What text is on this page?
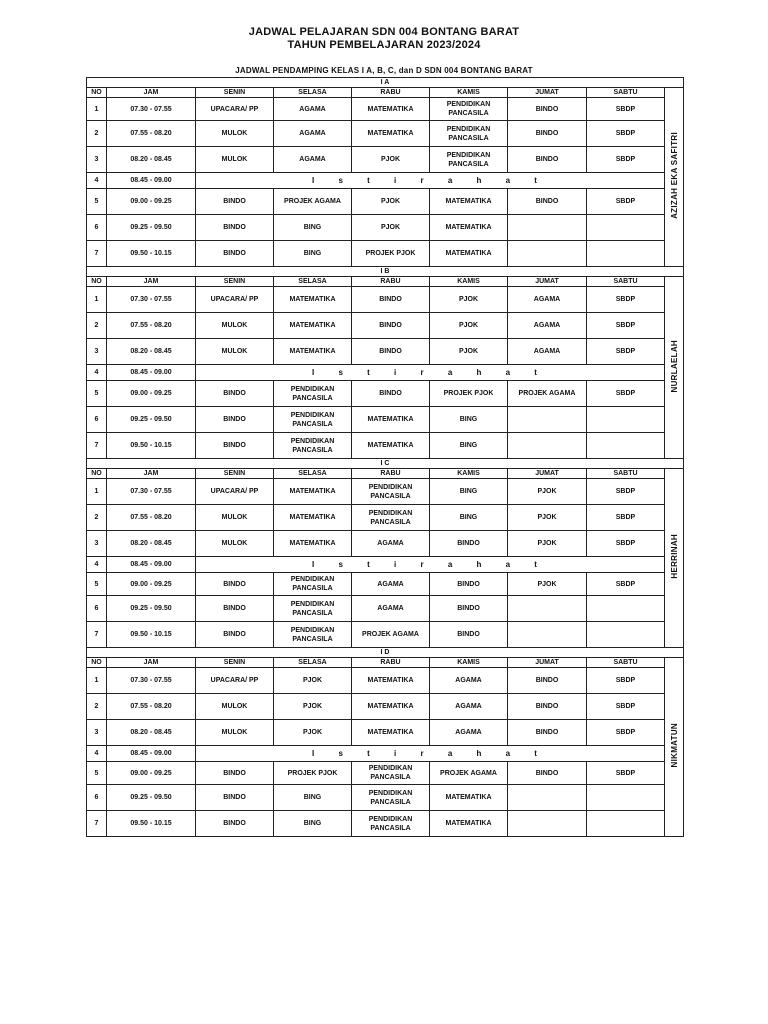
JADWAL PELAJARAN SDN 004 BONTANG BARAT
TAHUN PEMBELAJARAN 2023/2024
JADWAL PENDAMPING KELAS I A, B, C, dan D SDN 004 BONTANG BARAT
I A								
NO	JAM	SENIN	SELASA	RABU	KAMIS	JUMAT	SABTU	AZIZAH EKA SAFITRI
1	07.30 - 07.55	UPACARA/ PP	AGAMA	MATEMATIKA	PENDIDIKAN PANCASILA	BINDO	SBDP	
2	07.55 - 08.20	MULOK	AGAMA	MATEMATIKA	PENDIDIKAN PANCASILA	BINDO	SBDP	
3	08.20 - 08.45	MULOK	AGAMA	PJOK	PENDIDIKAN PANCASILA	BINDO	SBDP	
4	08.45 - 09.00	I s t i r a h a t						
5	09.00 - 09.25	BINDO	PROJEK AGAMA	PJOK	MATEMATIKA	BINDO	SBDP	
6	09.25 - 09.50	BINDO	BING	PJOK	MATEMATIKA			
7	09.50 - 10.15	BINDO	BING	PROJEK PJOK	MATEMATIKA			
I B								
NO	JAM	SENIN	SELASA	RABU	KAMIS	JUMAT	SABTU	NURLAELAH
1	07.30 - 07.55	UPACARA/ PP	MATEMATIKA	BINDO	PJOK	AGAMA	SBDP	
2	07.55 - 08.20	MULOK	MATEMATIKA	BINDO	PJOK	AGAMA	SBDP	
3	08.20 - 08.45	MULOK	MATEMATIKA	BINDO	PJOK	AGAMA	SBDP	
4	08.45 - 09.00	I s t i r a h a t						
5	09.00 - 09.25	BINDO	PENDIDIKAN PANCASILA	BINDO	PROJEK PJOK	PROJEK AGAMA	SBDP	
6	09.25 - 09.50	BINDO	PENDIDIKAN PANCASILA	MATEMATIKA	BING			
7	09.50 - 10.15	BINDO	PENDIDIKAN PANCASILA	MATEMATIKA	BING			
I C								
NO	JAM	SENIN	SELASA	RABU	KAMIS	JUMAT	SABTU	HERRINAH
1	07.30 - 07.55	UPACARA/ PP	MATEMATIKA	PENDIDIKAN PANCASILA	BING	PJOK	SBDP	
2	07.55 - 08.20	MULOK	MATEMATIKA	PENDIDIKAN PANCASILA	BING	PJOK	SBDP	
3	08.20 - 08.45	MULOK	MATEMATIKA	AGAMA	BINDO	PJOK	SBDP	
4	08.45 - 09.00	I s t i r a h a t						
5	09.00 - 09.25	BINDO	PENDIDIKAN PANCASILA	AGAMA	BINDO	PJOK	SBDP	
6	09.25 - 09.50	BINDO	PENDIDIKAN PANCASILA	AGAMA	BINDO			
7	09.50 - 10.15	BINDO	PENDIDIKAN PANCASILA	PROJEK AGAMA	BINDO			
I D								
NO	JAM	SENIN	SELASA	RABU	KAMIS	JUMAT	SABTU	NIKMATUN
1	07.30 - 07.55	UPACARA/ PP	PJOK	MATEMATIKA	AGAMA	BINDO	SBDP	
2	07.55 - 08.20	MULOK	PJOK	MATEMATIKA	AGAMA	BINDO	SBDP	
3	08.20 - 08.45	MULOK	PJOK	MATEMATIKA	AGAMA	BINDO	SBDP	
4	08.45 - 09.00	I s t i r a h a t						
5	09.00 - 09.25	BINDO	PROJEK PJOK	PENDIDIKAN PANCASILA	PROJEK AGAMA	BINDO	SBDP	
6	09.25 - 09.50	BINDO	BING	PENDIDIKAN PANCASILA	MATEMATIKA			
7	09.50 - 10.15	BINDO	BING	PENDIDIKAN PANCASILA	MATEMATIKA			
